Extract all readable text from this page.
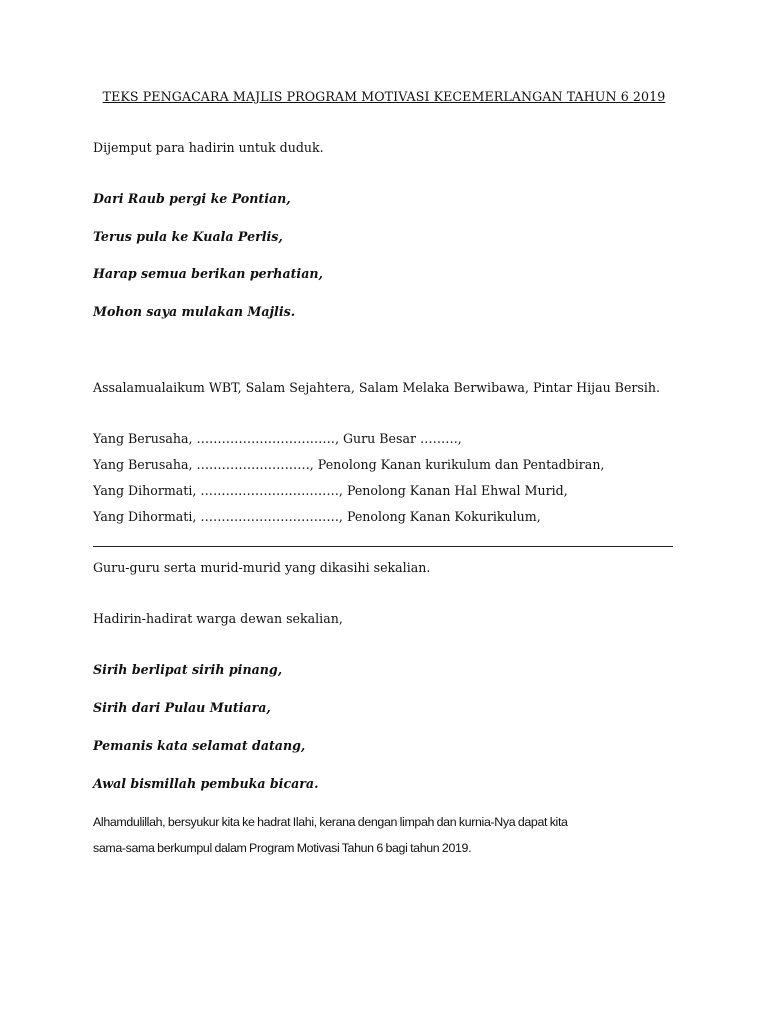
TEKS PENGACARA MAJLIS PROGRAM MOTIVASI KECEMERLANGAN TAHUN 6 2019
Dijemput para hadirin untuk duduk.
Dari Raub pergi ke Pontian,
Terus pula ke Kuala Perlis,
Harap semua berikan perhatian,
Mohon saya mulakan Majlis.
Assalamualaikum WBT, Salam Sejahtera, Salam Melaka Berwibawa, Pintar Hijau Bersih.
Yang Berusaha, ……………………………, Guru Besar ………,
Yang Berusaha, ………………………, Penolong Kanan kurikulum dan Pentadbiran,
Yang Dihormati, ……………………………, Penolong Kanan Hal Ehwal Murid,
Yang Dihormati, ……………………………, Penolong Kanan Kokurikulum,
Guru-guru serta murid-murid yang dikasihi sekalian.
Hadirin-hadirat warga dewan sekalian,
Sirih berlipat sirih pinang,
Sirih dari Pulau Mutiara,
Pemanis kata selamat datang,
Awal bismillah pembuka bicara.
Alhamdulillah, bersyukur kita ke hadrat Ilahi, kerana dengan limpah dan kurnia-Nya dapat kita
sama-sama berkumpul dalam Program Motivasi Tahun 6 bagi tahun 2019.
